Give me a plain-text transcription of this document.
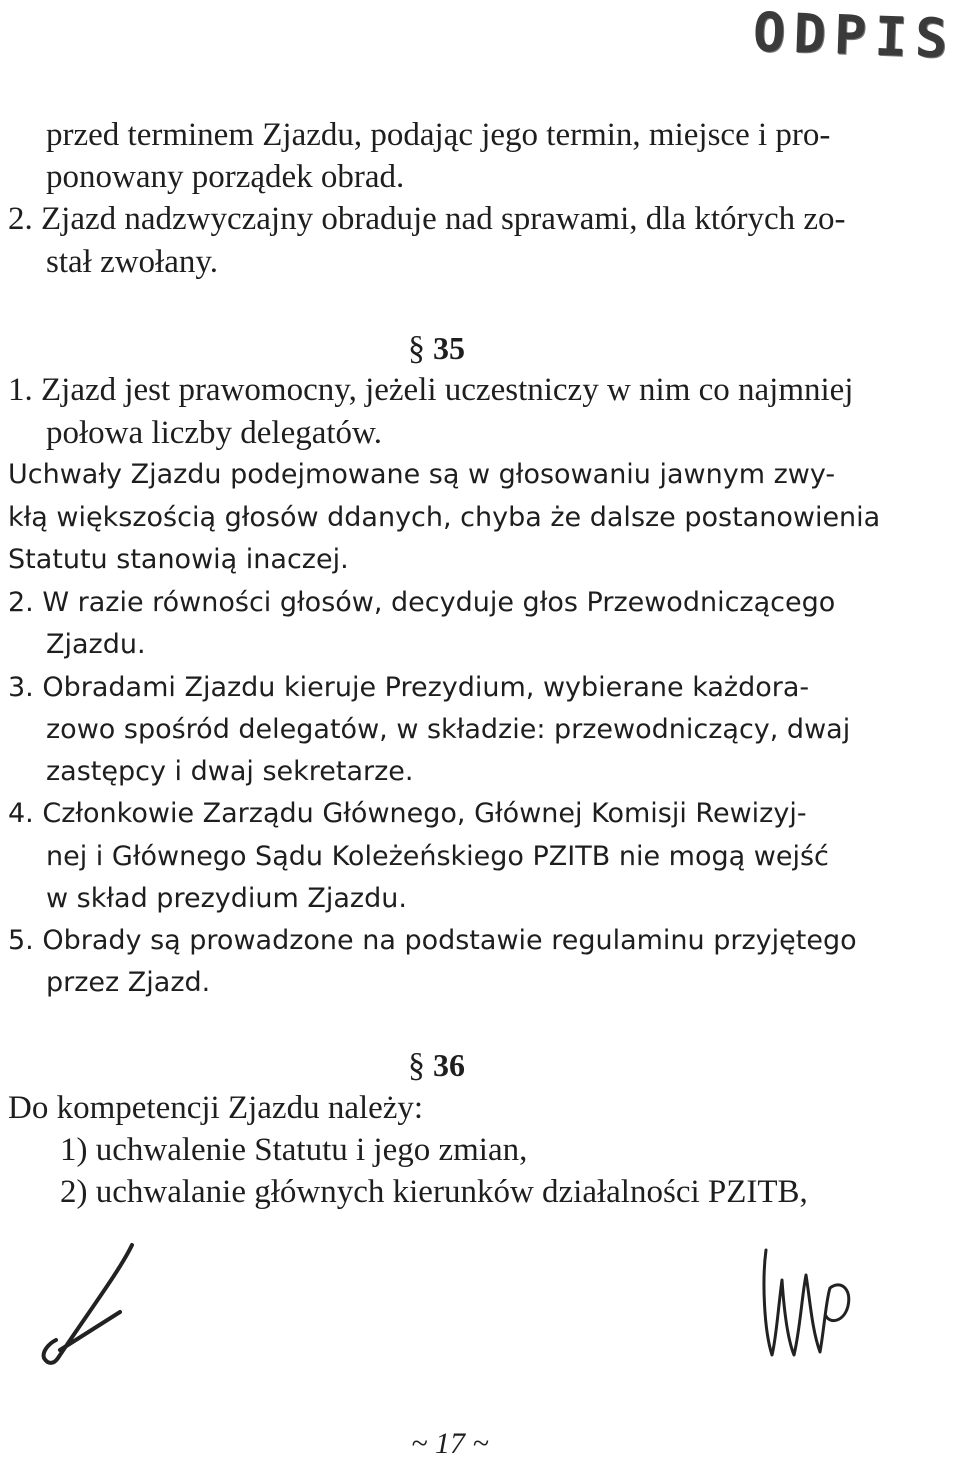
ODPIS
przed terminem Zjazdu, podając jego termin, miejsce i pro-
ponowany porządek obrad.
2. Zjazd nadzwyczajny obraduje nad sprawami, dla których zo-
stał zwołany.
§ 35
1. Zjazd jest prawomocny, jeżeli uczestniczy w nim co najmniej
połowa liczby delegatów.
Uchwały Zjazdu podejmowane są w głosowaniu jawnym zwy-
kłą większością głosów ddanych, chyba że dalsze postanowienia
Statutu stanowią inaczej.
2. W razie równości głosów, decyduje głos Przewodniczącego
Zjazdu.
3. Obradami Zjazdu kieruje Prezydium, wybierane każdora-
zowo spośród delegatów, w składzie: przewodniczący, dwaj
zastępcy i dwaj sekretarze.
4. Członkowie Zarządu Głównego, Głównej Komisji Rewizyj-
nej i Głównego Sądu Koleżeńskiego PZITB nie mogą wejść
w skład prezydium Zjazdu.
5. Obrady są prowadzone na podstawie regulaminu przyjętego
przez Zjazd.
§ 36
Do kompetencji Zjazdu należy:
1) uchwalenie Statutu i jego zmian,
2) uchwalanie głównych kierunków działalności PZITB,
~ 17 ~
